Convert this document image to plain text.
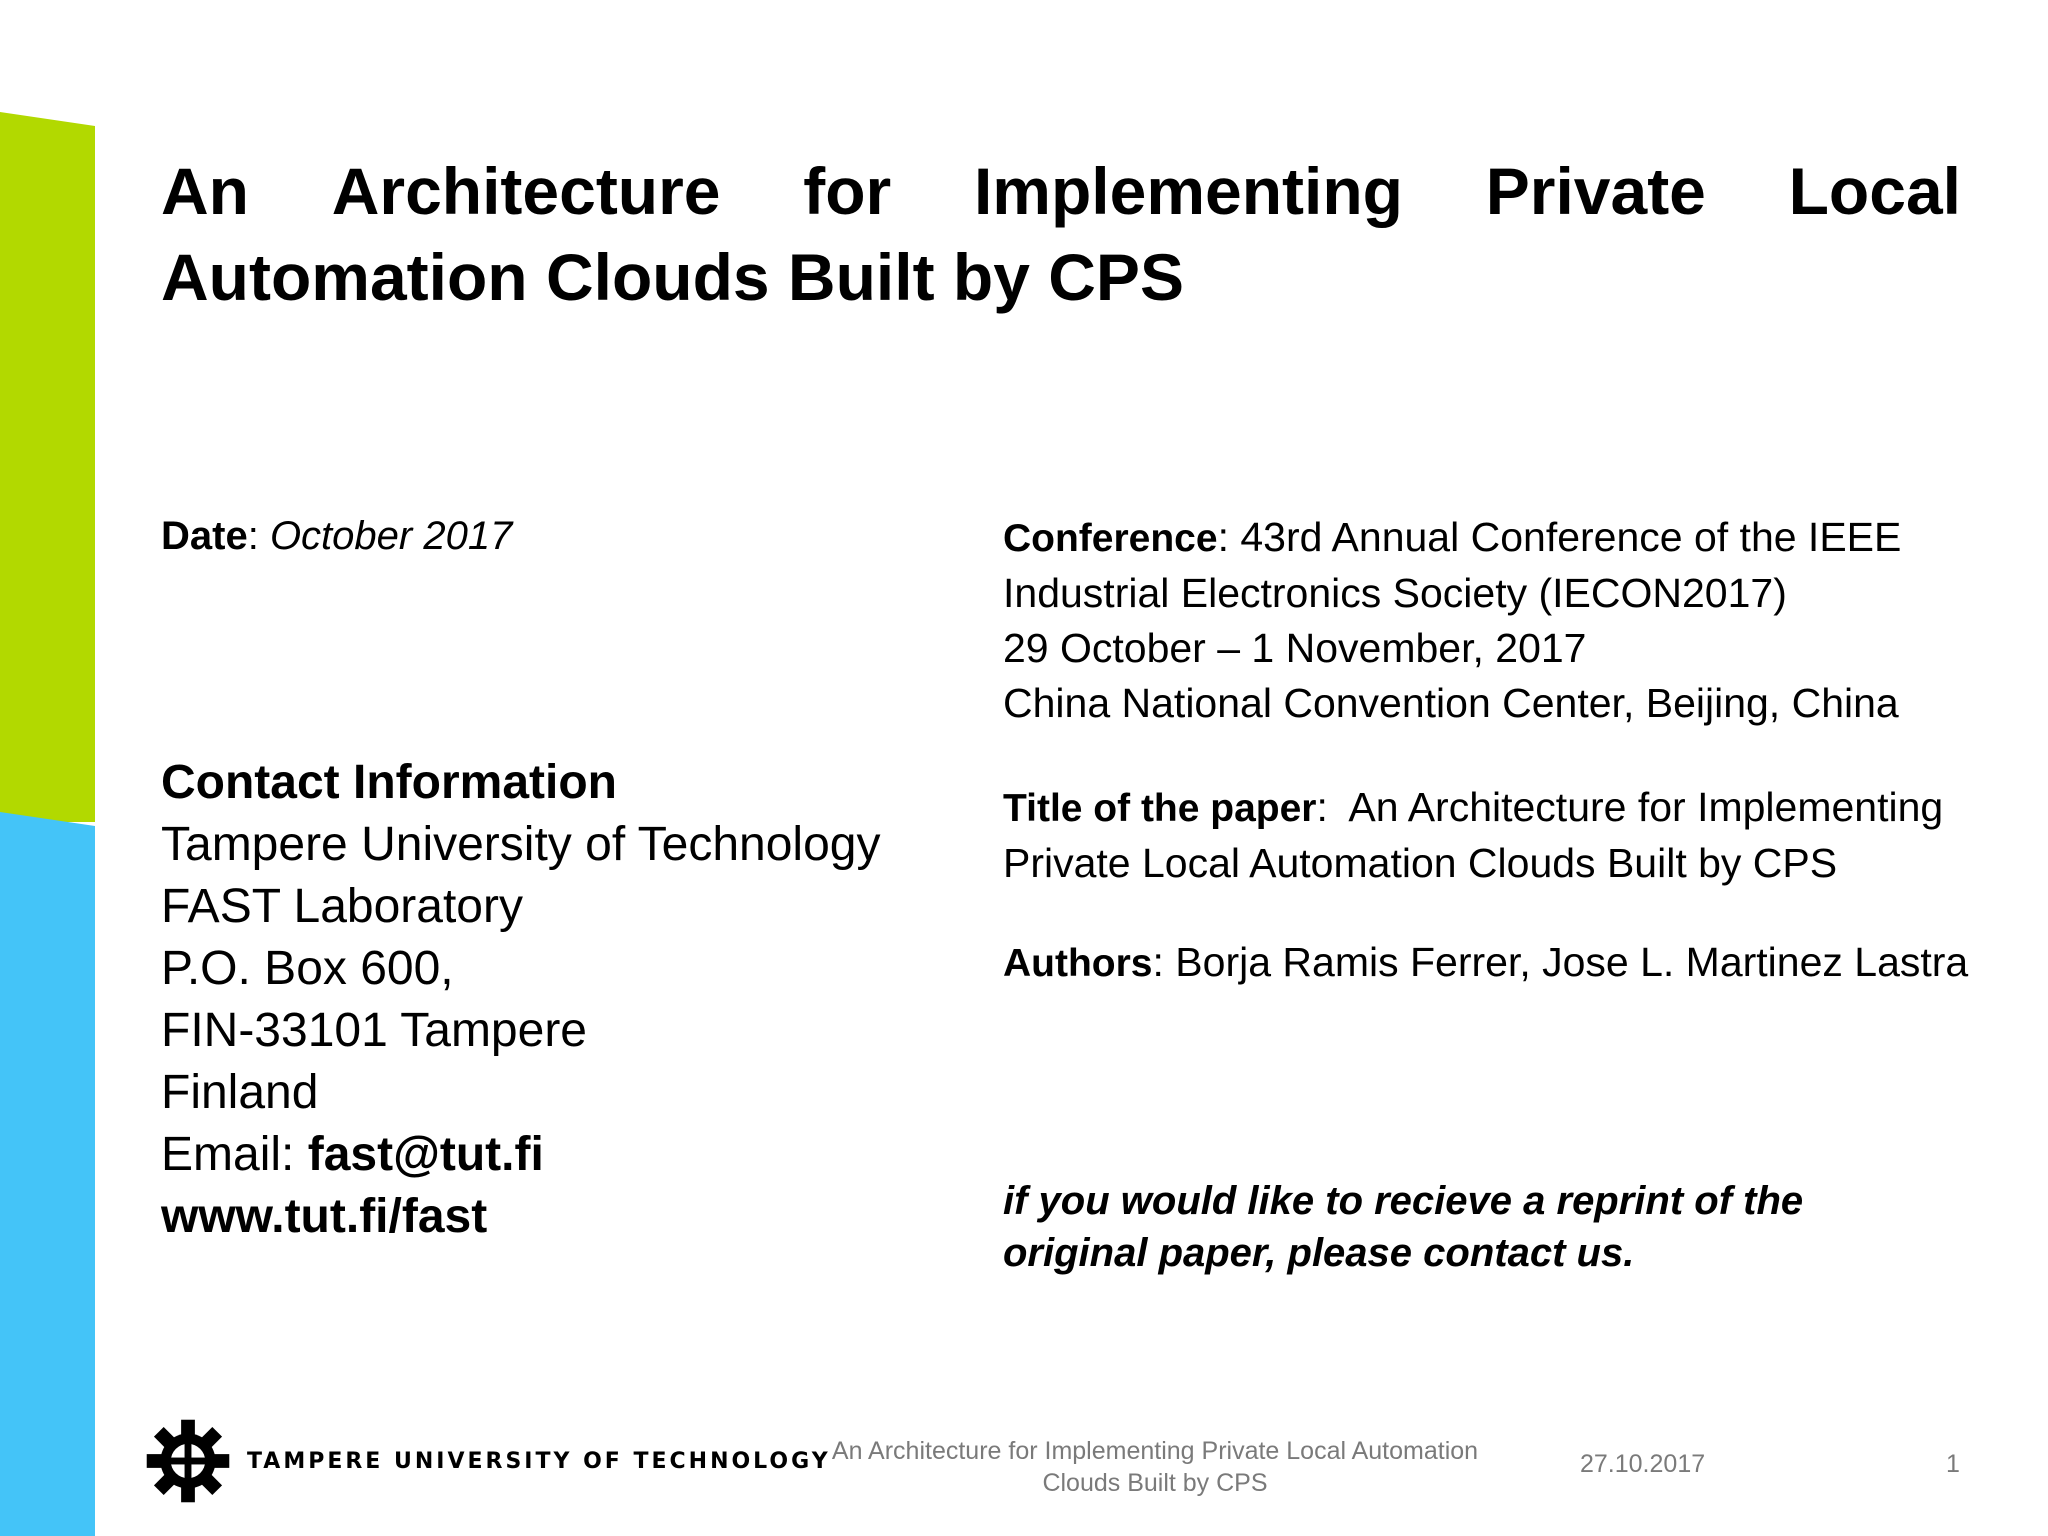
An Architecture for Implementing Private Local
Automation Clouds Built by CPS
Date: October 2017
Contact Information
Tampere University of Technology
FAST Laboratory
P.O. Box 600,
FIN-33101 Tampere
Finland
Email: fast@tut.fi
www.tut.fi/fast
Conference: 43rd Annual Conference of the IEEE
Industrial Electronics Society (IECON2017)
29 October – 1 November, 2017
China National Convention Center, Beijing, China
Title of the paper:  An Architecture for Implementing
Private Local Automation Clouds Built by CPS
Authors: Borja Ramis Ferrer, Jose L. Martinez Lastra
if you would like to recieve a reprint of the
original paper, please contact us.
TAMPERE UNIVERSITY OF TECHNOLOGY An Architecture for Implementing Private Local Automation
Clouds Built by CPS
27.10.2017	1
